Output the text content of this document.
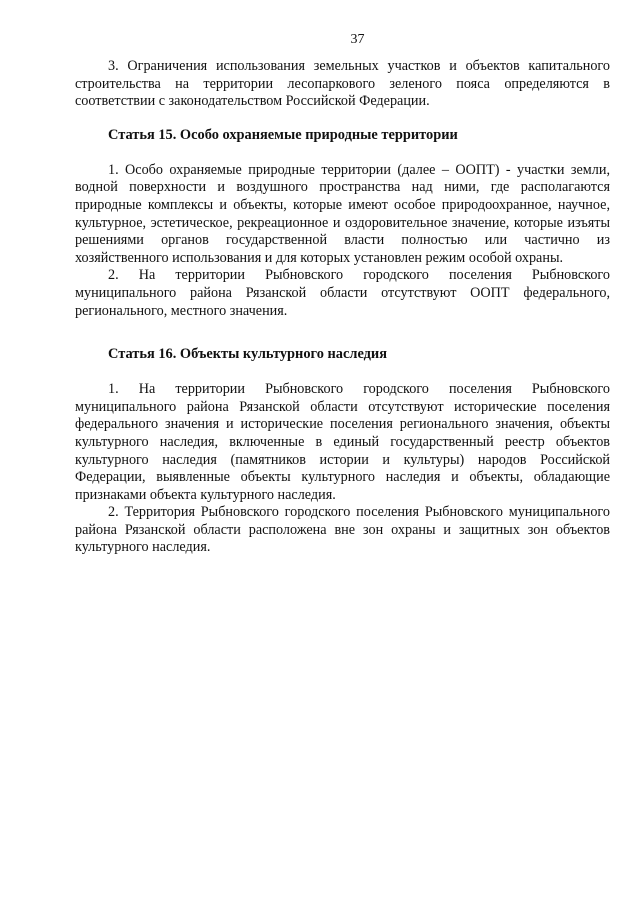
37

3. Ограничения использования земельных участков и объектов капитального строительства на территории лесопаркового зеленого пояса определяются в соответствии с законодательством Российской Федерации.

Статья 15. Особо охраняемые природные территории

1. Особо охраняемые природные территории (далее – ООПТ) - участки земли, водной поверхности и воздушного пространства над ними, где располагаются природные комплексы и объекты, которые имеют особое природоохранное, научное, культурное, эстетическое, рекреационное и оздоровительное значение, которые изъяты решениями органов государственной власти полностью или частично из хозяйственного использования и для которых установлен режим особой охраны.

2. На территории Рыбновского городского поселения Рыбновского муниципального района Рязанской области отсутствуют ООПТ федерального, регионального, местного значения.

Статья 16. Объекты культурного наследия

1. На территории Рыбновского городского поселения Рыбновского муниципального района Рязанской области отсутствуют исторические поселения федерального значения и исторические поселения регионального значения, объекты культурного наследия, включенные в единый государственный реестр объектов культурного наследия (памятников истории и культуры) народов Российской Федерации, выявленные объекты культурного наследия и объекты, обладающие признаками объекта культурного наследия.

2. Территория Рыбновского городского поселения Рыбновского муниципального района Рязанской области расположена вне зон охраны и защитных зон объектов культурного наследия.
